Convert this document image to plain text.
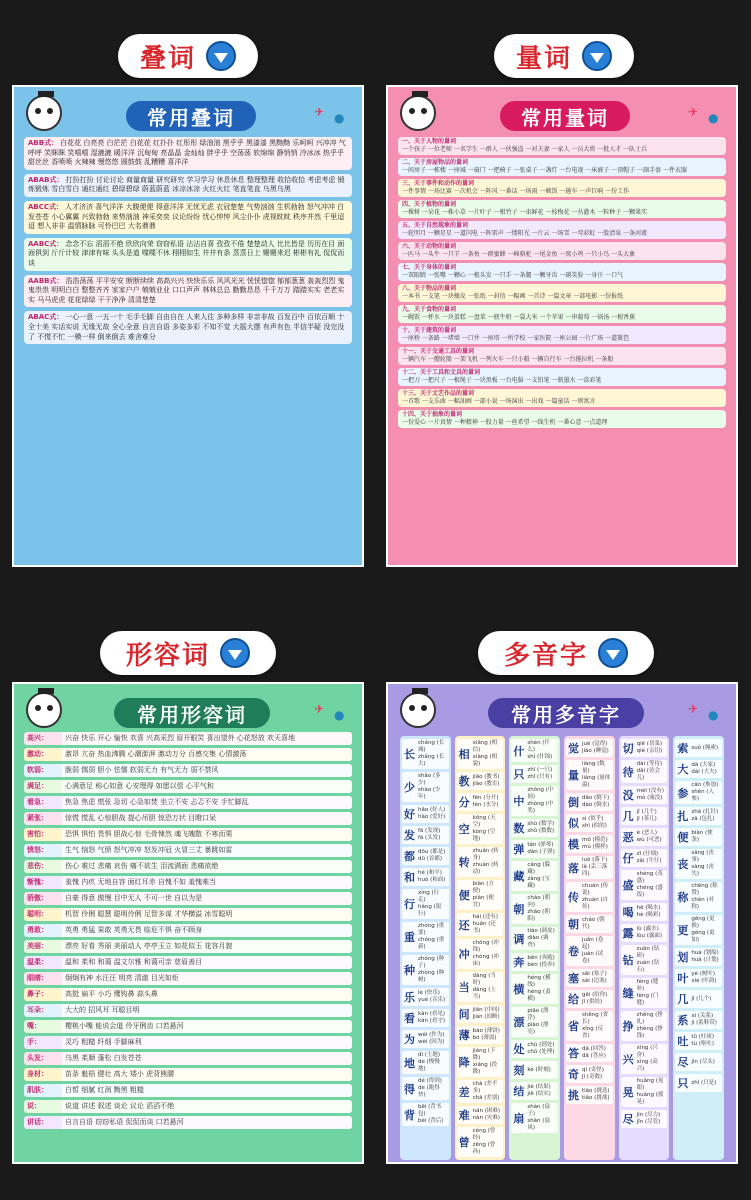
叠词	量词
形容词	多音字
常用叠词	✈ ●
ABB式： 白花花 白亮亮 白茫茫 白花花 红扑扑 红彤彤 绿油油 黑乎乎 黑漆漆 黑黝黝 乐呵呵 兴冲冲 气呼呼 笑眯眯 笑嘻嘻 湿漉漉 暖洋洋 沉甸甸 亮晶晶 金灿灿 胖乎乎 空荡荡 软绵绵 静悄悄 冷冰冰 热乎乎 甜丝丝 香喷喷 火辣辣 慢悠悠 圆鼓鼓 乱糟糟 喜洋洋
ABAB式： 打扮打扮 讨论讨论 商量商量 研究研究 学习学习 休息休息 整理整理 收拾收拾 考虑考虑 锻炼锻炼 雪白雪白 通红通红 碧绿碧绿 蔚蓝蔚蓝 冰凉冰凉 火红火红 笔直笔直 乌黑乌黑
ABCC式： 人才济济 喜气洋洋 大腹便便 得意洋洋 无忧无虑 衣冠楚楚 气势汹汹 生机勃勃 怒气冲冲 白发苍苍 小心翼翼 兴致勃勃 来势汹汹 神采奕奕 议论纷纷 忧心忡忡 风尘仆仆 虎视眈眈 秩序井然 千里迢迢 想入非非 温情脉脉 可怜巴巴 大名鼎鼎
AABC式： 念念不忘 滔滔不绝 欣欣向荣 窃窃私语 沾沾自喜 孜孜不倦 楚楚动人 比比皆是 历历在目 面面俱到 斤斤计较 津津有味 头头是道 喋喋不休 栩栩如生 井井有条 蒸蒸日上 姗姗来迟 彬彬有礼 侃侃而谈
AABB式： 浩浩荡荡 平平安安 断断续续 高高兴兴 快快乐乐 风风光光 恍恍惚惚 郁郁葱葱 轰轰烈烈 鬼鬼祟祟 明明白白 整整齐齐 家家户户 兢兢业业 口口声声 林林总总 勤勤恳恳 千千万万 踏踏实实 老老实实 马马虎虎 花花绿绿 干干净净 清清楚楚
ABAC式： 一心一意 一五一十 毛手毛脚 自由自在 人来人往 多种多样 非亲非故 百发百中 百依百顺 十全十美 实话实说 无缘无故 全心全意 自言自语 多姿多彩 不知不觉 大摇大摆 有声有色 半信半疑 没完没了 不慌不忙 一模一样 倒来倒去 难舍难分
常用量词	✈ ●
一、关于人物的量词
一个孩子 一位老师 一名学生 一群人 一伙强盗 一对夫妻 一家人 一员大将 一批人才 一队士兵
二、关于房屋物品的量词
一间房子 一栋楼 一座城 一扇门 一把椅子 一张桌子 一盏灯 一台电视 一床被子 一顶帽子 一副手套 一件衣服
三、关于事件和动作的量词
一件事情 一场比赛 一次机会 一阵风 一番话 一场雨 一顿饭 一趟车 一声巨响 一份工作
四、关于植物的量词
一棵树 一朵花 一株小草 一片叶子 一根竹子 一束鲜花 一枝梅花 一丛灌木 一粒种子 一颗果实
五、关于自然现象的量词
一轮明月 一颗星星 一道闪电 一阵雷声 一缕阳光 一片云 一场雪 一弯彩虹 一股清泉 一条河流
六、关于动物的量词
一匹马 一头牛 一只羊 一条鱼 一群蜜蜂 一峰骆驼 一尾金鱼 一窝小鸡 一只小鸟 一头大象
七、关于身体的量词
一双眼睛 一张嘴 一颗心 一根头发 一只手 一条腿 一颗牙齿 一副笑脸 一身汗 一口气
八、关于物品的量词
一本书 一支笔 一块橡皮 一张纸 一封信 一幅画 一首诗 一篇文章 一部电影 一份报纸
九、关于食物的量词
一碗饭 一杯水 一块蛋糕 一盘菜 一瓶牛奶 一袋大米 一个苹果 一串葡萄 一锅汤 一根香蕉
十、关于建筑的量词
一座桥 一条路 一堵墙 一口井 一座塔 一所学校 一家医院 一座公园 一片广场 一道篱笆
十一、关于交通工具的量词
一辆汽车 一艘轮船 一架飞机 一列火车 一只小船 一辆自行车 一台拖拉机 一条船
十二、关于工具和文具的量词
一把刀 一把尺子 一根绳子 一块黑板 一台电脑 一支铅笔 一瓶墨水 一盒彩笔
十三、关于文艺作品的量词
一首歌 一支乐曲 一幅油画 一部小说 一场演出 一出戏 一篇童话 一则寓言
十四、关于抽象的量词
一份爱心 一片真情 一种精神 一股力量 一丝希望 一线生机 一番心意 一点道理
常用形容词	✈ ●
高兴：	兴奋 快乐 开心 愉快 欢喜 兴高采烈 眉开眼笑 喜出望外 心花怒放 欢天喜地
激动：	激昂 亢奋 热血沸腾 心潮澎湃 激动万分 百感交集 心情激荡
软弱：	脆弱 懦弱 胆小 怯懦 软弱无力 有气无力 弱不禁风
满足：	心满意足 称心如意 心安理得 如愿以偿 心平气和
着急：	焦急 焦虑 慌张 急切 心急如焚 坐立不安 忐忑不安 手忙脚乱
紧张：	惊慌 慌乱 心惊胆战 提心吊胆 惊恐万状 目瞪口呆
害怕：	恐惧 惧怕 畏惧 胆战心惊 毛骨悚然 魂飞魄散 不寒而栗
愤怒：	生气 恼怒 气愤 怒气冲冲 怒发冲冠 火冒三丈 暴跳如雷
悲伤：	伤心 难过 悲痛 哀伤 痛不欲生 泪流满面 悲痛欲绝
惭愧：	羞愧 内疚 无地自容 面红耳赤 自愧不如 羞愧难当
骄傲：	自豪 得意 傲慢 目中无人 不可一世 自以为是
聪明：	机智 伶俐 聪慧 聪明伶俐 足智多谋 才华横溢 冰雪聪明
勇敢：	英勇 勇猛 果敢 英勇无畏 临危不惧 奋不顾身
美丽：	漂亮 好看 秀丽 美丽动人 亭亭玉立 如花似玉 花容月貌
温柔：	温和 柔和 和蔼 温文尔雅 和蔼可亲 慈眉善目
眼睛：	炯炯有神 水汪汪 明亮 清澈 目光如炬
鼻子：	高挺 扁平 小巧 鹰钩鼻 蒜头鼻
耳朵：	大大的 招风耳 耳聪目明
嘴：	樱桃小嘴 能说会道 伶牙俐齿 口若悬河
手：	灵巧 粗糙 纤细 手脚麻利
头发：	乌黑 柔顺 蓬松 白发苍苍
身材：	苗条 魁梧 健壮 高大 矮小 虎背熊腰
肌肤：	白皙 细腻 红润 黝黑 粗糙
说：	说道 讲述 叙述 谈论 议论 滔滔不绝
讲话：	自言自语 窃窃私语 侃侃而谈 口若悬河
常用多音字	✈ ●
长
cháng (长城)
zhǎng (长大)
少
shǎo (多少)
shào (少年)
好 hǎo (好人)
hào (爱好)
发 fā (发现)
fà (头发)
都 dōu (都是)
dū (首都)
和 hé (和平)
huò (和面)
行
xíng (行走)
háng (银行)
重
zhòng (重要)
chóng (重新)
种
zhǒng (种子)
zhòng (种树)
乐 lè (快乐)
yuè (音乐)
看 kàn (看见)
kān (看守)
为 wéi (作为)
wèi (因为)
地
dì (土地)
de (慢慢地)
得
dé (得到)
de (跑得快)
背
bēi (背书包)
bèi (背后)
相
xiāng (相信)
xiàng (相貌)
教 jiāo (教书)
jiào (教室)
分 fēn (分开)
fèn (水分)
空
kōng (天空)
kòng (空地)
转
zhuǎn (转身)
zhuàn (转动)
便
biàn (方便)
pián (便宜)
还
hái (还有)
huán (还书)
冲
chōng (冲锋)
chòng (冲床)
当
dāng (当时)
dàng (上当)
间 jiān (中间)
jiàn (间断)
薄 báo (薄饼)
bó (薄弱)
降
jiàng (下降)
xiáng (投降)
差
chà (差不多)
chā (差别)
难 nán (困难)
nàn (灾难)
曾
céng (曾经)
zēng (曾孙)
什
shén (什么)
shí (什锦)
只 zhī (一只)
zhǐ (只有)
中
zhōng (中间)
zhòng (中奖)
数 shù (数学)
shǔ (数数)
弹 tán (弹琴)
dàn (子弹)
藏
cáng (躲藏)
zàng (宝藏)
朝
cháo (朝向)
zhāo (朝阳)
调
tiáo (调皮)
diào (调查)
奔 bēn (奔跑)
bèn (投奔)
横
héng (横线)
hèng (蛮横)
漂
piāo (漂浮)
piào (漂亮)
处 chù (到处)
chǔ (处理)
刻 kè (时刻)
结 jié (结果)
jiē (结实)
扇
shàn (扇子)
shān (扇风)
觉 jué (觉得)
jiào (睡觉)
量
liàng (数量)
liáng (量体温)
倒 dǎo (倒下)
dào (倒水)
似 sì (似乎)
shì (似的)
模 mó (模范)
mú (模样)
落
luò (落下)
là (丢三落四)
传
chuán (传说)
zhuàn (自传)
朝 cháo (朝代)
卷
juǎn (卷起)
juàn (试卷)
塞 sāi (塞子)
sài (边塞)
给 gěi (给你)
jǐ (供给)
省
shěng (省长)
xǐng (反省)
答 dá (回答)
dā (答应)
奇 qí (奇怪)
jī (奇数)
挑 tiāo (挑选)
tiǎo (挑战)
切 qiē (切菜)
qiè (亲切)
待
dài (等待)
dāi (待会儿)
没 méi (没有)
mò (淹没)
几 jǐ (几个)
jī (茶几)
恶 è (恶人)
wù (可恶)
仔 zǐ (仔细)
zǎi (牛仔)
盛
shèng (茂盛)
chéng (盛饭)
喝 hē (喝水)
hè (喝彩)
露 lù (露水)
lòu (露面)
钻
zuān (钻研)
zuàn (钻石)
缝
féng (缝补)
fèng (门缝)
挣
zhēng (挣扎)
zhèng (挣钱)
兴
xīng (兴奋)
xìng (高兴)
晃
huǎng (晃眼)
huàng (摇晃)
尽 jìn (尽力)
jǐn (尽管)
索 suǒ (绳索)
大 dà (大家)
dài (大夫)
参
cān (参加)
shēn (人参)
扎 zhā (扎针)
zā (包扎)
便 biàn (便条)
丧
sāng (丧事)
sàng (丧失)
称
chēng (称赞)
chèn (对称)
更
gēng (更换)
gèng (更加)
划 huá (划船)
huà (计划)
叶 yè (树叶)
xié (叶韵)
几 jǐ (几个)
系 xì (关系)
jì (系鞋带)
吐 tǔ (吐痰)
tù (呕吐)
尽 jìn (尽头)
只 zhǐ (只是)
